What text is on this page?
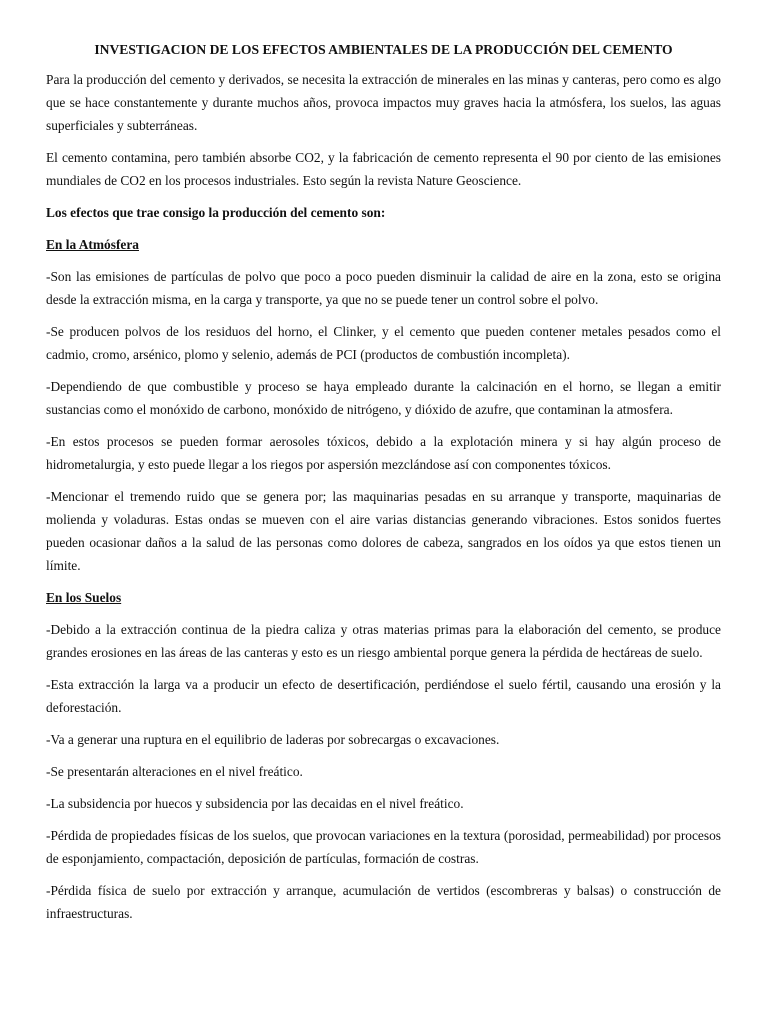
INVESTIGACION DE LOS EFECTOS AMBIENTALES DE LA PRODUCCIÓN DEL CEMENTO

Para la producción del cemento y derivados, se necesita la extracción de minerales en las minas y canteras, pero como es algo que se hace constantemente y durante muchos años, provoca impactos muy graves hacia la atmósfera, los suelos, las aguas superficiales y subterráneas.

El cemento contamina, pero también absorbe CO2, y la fabricación de cemento representa el 90 por ciento de las emisiones mundiales de CO2 en los procesos industriales. Esto según la revista Nature Geoscience.

Los efectos que trae consigo la producción del cemento son:
En la Atmósfera

-Son las emisiones de partículas de polvo que poco a poco pueden disminuir la calidad de aire en la zona, esto se origina desde la extracción misma, en la carga y transporte, ya que no se puede tener un control sobre el polvo.

-Se producen polvos de los residuos del horno, el Clinker, y el cemento que pueden contener metales pesados como el cadmio, cromo, arsénico, plomo y selenio, además de PCI (productos de combustión incompleta).

-Dependiendo de que combustible y proceso se haya empleado durante la calcinación en el horno, se llegan a emitir sustancias como el monóxido de carbono, monóxido de nitrógeno, y dióxido de azufre, que contaminan la atmosfera.

-En estos procesos se pueden formar aerosoles tóxicos, debido a la explotación minera y si hay algún proceso de hidrometalurgia, y esto puede llegar a los riegos por aspersión mezclándose así con componentes tóxicos.

-Mencionar el tremendo ruido que se genera por; las maquinarias pesadas en su arranque y transporte, maquinarias de molienda y voladuras. Estas ondas se mueven con el aire varias distancias generando vibraciones. Estos sonidos fuertes pueden ocasionar daños a la salud de las personas como dolores de cabeza, sangrados en los oídos ya que estos tienen un límite.

En los Suelos

-Debido a la extracción continua de la piedra caliza y otras materias primas para la elaboración del cemento, se produce grandes erosiones en las áreas de las canteras y esto es un riesgo ambiental porque genera la pérdida de hectáreas de suelo.

-Esta extracción la larga va a producir un efecto de desertificación, perdiéndose el suelo fértil, causando una erosión y la deforestación.

-Va a generar una ruptura en el equilibrio de laderas por sobrecargas o excavaciones.

-Se presentarán alteraciones en el nivel freático.

-La subsidencia por huecos y subsidencia por las decaidas en el nivel freático.

-Pérdida de propiedades físicas de los suelos, que provocan variaciones en la textura (porosidad, permeabilidad) por procesos de esponjamiento, compactación, deposición de partículas, formación de costras.

-Pérdida física de suelo por extracción y arranque, acumulación de vertidos (escombreras y balsas) o construcción de infraestructuras.
